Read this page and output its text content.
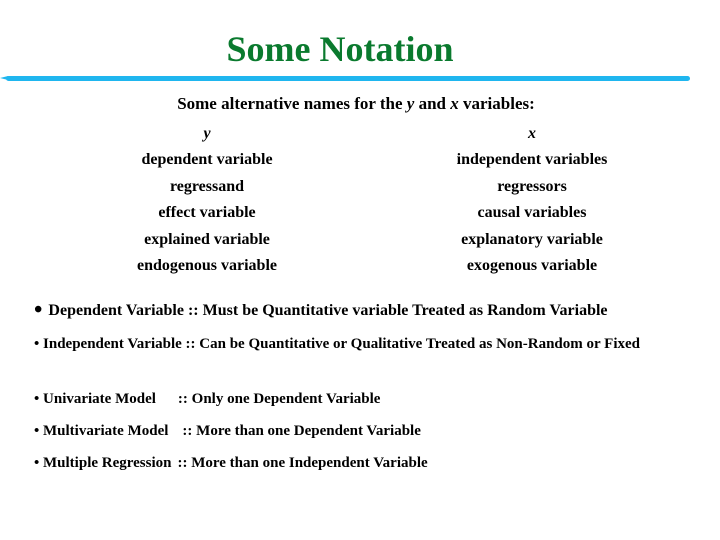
Some Notation
Some alternative names for the y and x variables:
y
dependent variable
regressand
effect variable
explained variable
endogenous variable
x
independent variables
regressors
causal variables
explanatory variable
exogenous variable
• Dependent Variable :: Must be Quantitative variable Treated as Random Variable
• Independent Variable :: Can be Quantitative or Qualitative Treated as Non-Random or Fixed
• Univariate Model :: Only one Dependent Variable
• Multivariate Model :: More than one Dependent Variable
• Multiple Regression :: More than one Independent Variable
